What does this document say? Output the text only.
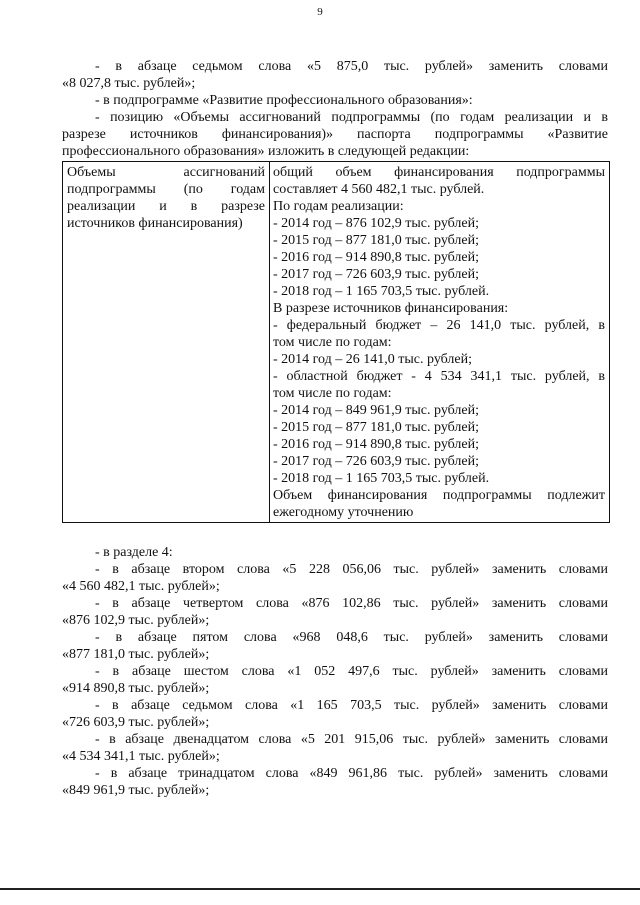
9
- в абзаце седьмом слова «5 875,0 тыс. рублей» заменить словами
«8 027,8 тыс. рублей»;
- в подпрограмме «Развитие профессионального образования»:
- позицию «Объемы ассигнований подпрограммы (по годам реализации и в
разрезе источников финансирования)» паспорта подпрограммы «Развитие
профессионального образования» изложить в следующей редакции:
Объемы ассигнований
подпрограммы (по годам
реализации и в разрезе
источников финансирования)
общий объем финансирования подпрограммы
составляет 4 560 482,1 тыс. рублей.
По годам реализации:
- 2014 год – 876 102,9 тыс. рублей;
- 2015 год – 877 181,0 тыс. рублей;
- 2016 год – 914 890,8 тыс. рублей;
- 2017 год – 726 603,9 тыс. рублей;
- 2018 год – 1 165 703,5 тыс. рублей.
В разрезе источников финансирования:
- федеральный бюджет – 26 141,0 тыс. рублей, в
том числе по годам:
- 2014 год – 26 141,0 тыс. рублей;
- областной бюджет - 4 534 341,1 тыс. рублей, в
том числе по годам:
- 2014 год – 849 961,9 тыс. рублей;
- 2015 год – 877 181,0 тыс. рублей;
- 2016 год – 914 890,8 тыс. рублей;
- 2017 год – 726 603,9 тыс. рублей;
- 2018 год – 1 165 703,5 тыс. рублей.
Объем финансирования подпрограммы подлежит
ежегодному уточнению
- в разделе 4:
- в абзаце втором слова «5 228 056,06 тыс. рублей» заменить словами
«4 560 482,1 тыс. рублей»;
- в абзаце четвертом слова «876 102,86 тыс. рублей» заменить словами
«876 102,9 тыс. рублей»;
- в абзаце пятом слова «968 048,6 тыс. рублей» заменить словами
«877 181,0 тыс. рублей»;
- в абзаце шестом слова «1 052 497,6 тыс. рублей» заменить словами
«914 890,8 тыс. рублей»;
- в абзаце седьмом слова «1 165 703,5 тыс. рублей» заменить словами
«726 603,9 тыс. рублей»;
- в абзаце двенадцатом слова «5 201 915,06 тыс. рублей» заменить словами
«4 534 341,1 тыс. рублей»;
- в абзаце тринадцатом слова «849 961,86 тыс. рублей» заменить словами
«849 961,9 тыс. рублей»;
